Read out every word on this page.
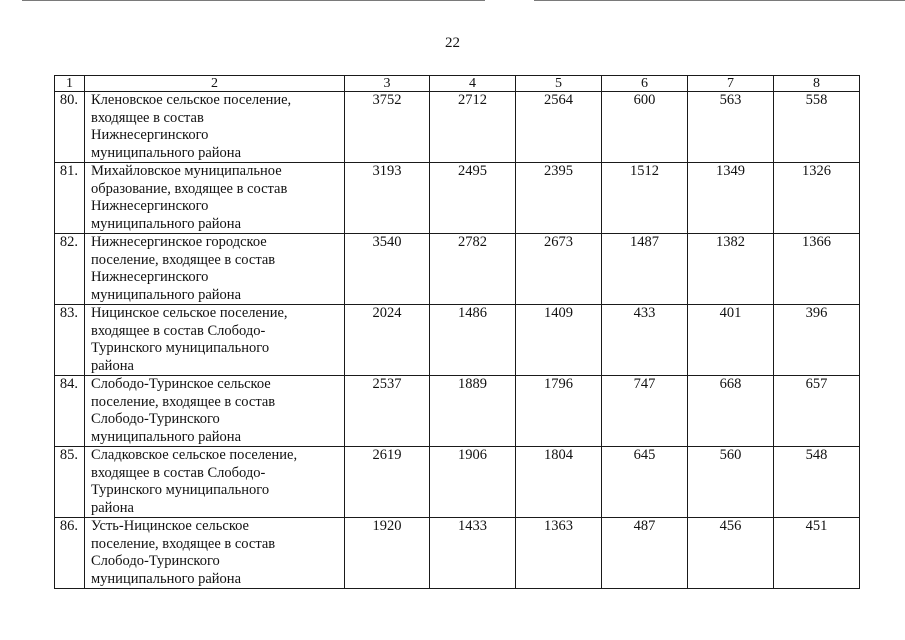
22
1	2	3	4	5	6	7	8
80.	Кленовское сельское поселение,
входящее в состав
Нижнесергинского
муниципального района	3752	2712	2564	600	563	558
81.	Михайловское муниципальное
образование, входящее в состав
Нижнесергинского
муниципального района	3193	2495	2395	1512	1349	1326
82.	Нижнесергинское городское
поселение, входящее в состав
Нижнесергинского
муниципального района	3540	2782	2673	1487	1382	1366
83.	Ницинское сельское поселение,
входящее в состав Слободо-
Туринского муниципального
района	2024	1486	1409	433	401	396
84.	Слободо-Туринское сельское
поселение, входящее в состав
Слободо-Туринского
муниципального района	2537	1889	1796	747	668	657
85.	Сладковское сельское поселение,
входящее в состав Слободо-
Туринского муниципального
района	2619	1906	1804	645	560	548
86.	Усть-Ницинское сельское
поселение, входящее в состав
Слободо-Туринского
муниципального района	1920	1433	1363	487	456	451
